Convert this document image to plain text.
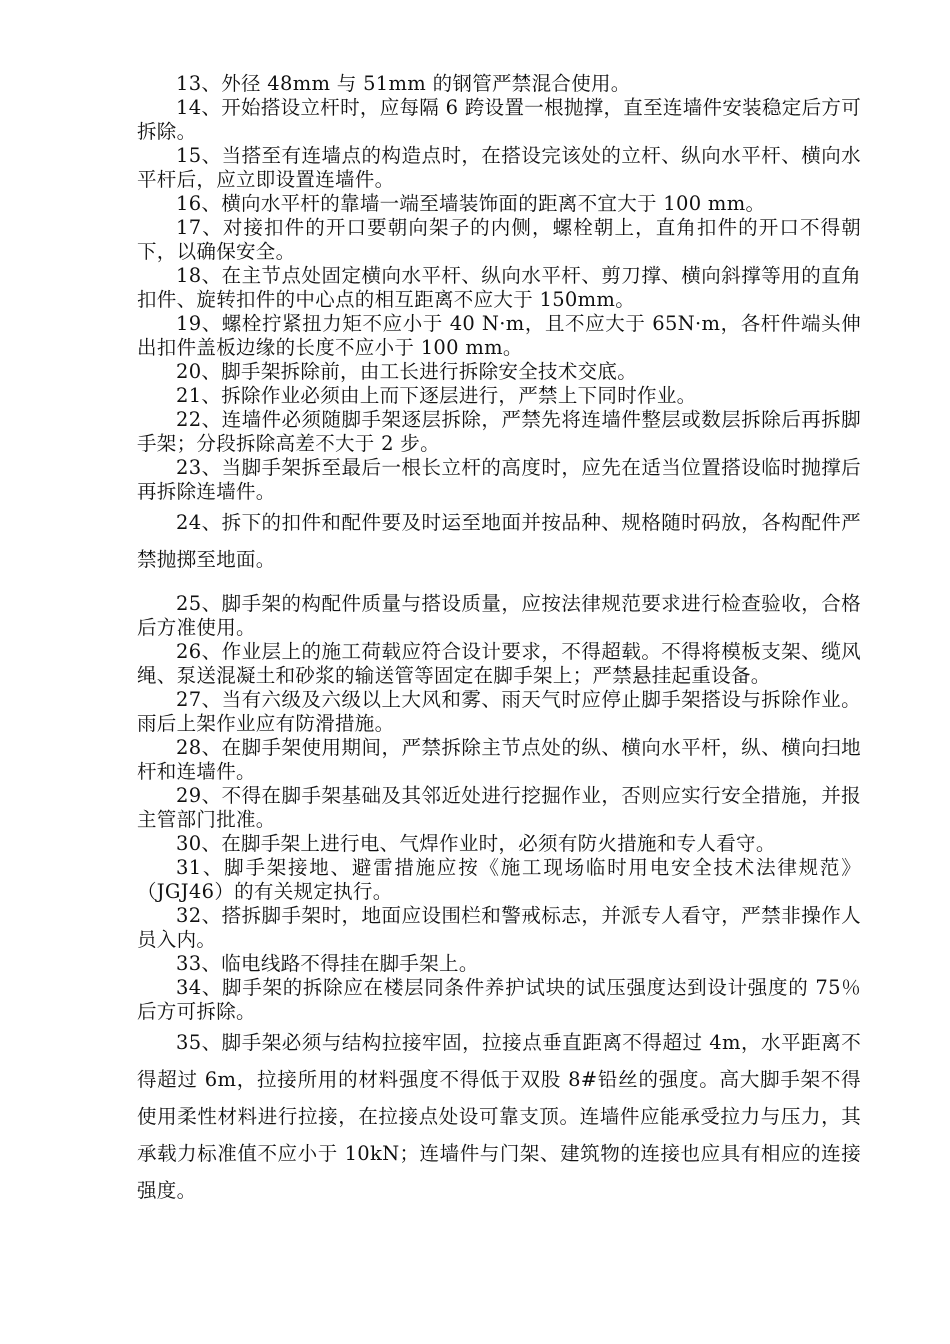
13、外径 48mm 与 51mm 的钢管严禁混合使用。

14、开始搭设立杆时，应每隔 6 跨设置一根抛撑，直至连墙件安装稳定后方可拆除。

15、当搭至有连墙点的构造点时，在搭设完该处的立杆、纵向水平杆、横向水平杆后，应立即设置连墙件。

16、横向水平杆的靠墙一端至墙装饰面的距离不宜大于 100 mm。

17、对接扣件的开口要朝向架子的内侧，螺栓朝上，直角扣件的开口不得朝下，以确保安全。

18、在主节点处固定横向水平杆、纵向水平杆、剪刀撑、横向斜撑等用的直角扣件、旋转扣件的中心点的相互距离不应大于 150mm。

19、螺栓拧紧扭力矩不应小于 40 N·m，且不应大于 65N·m，各杆件端头伸出扣件盖板边缘的长度不应小于 100 mm。

20、脚手架拆除前，由工长进行拆除安全技术交底。

21、拆除作业必须由上而下逐层进行，严禁上下同时作业。

22、连墙件必须随脚手架逐层拆除，严禁先将连墙件整层或数层拆除后再拆脚手架；分段拆除高差不大于 2 步。

23、当脚手架拆至最后一根长立杆的高度时，应先在适当位置搭设临时抛撑后再拆除连墙件。

24、拆下的扣件和配件要及时运至地面并按品种、规格随时码放，各构配件严禁抛掷至地面。

25、脚手架的构配件质量与搭设质量，应按法律规范要求进行检查验收，合格后方准使用。

26、作业层上的施工荷载应符合设计要求，不得超载。不得将模板支架、缆风绳、泵送混凝土和砂浆的输送管等固定在脚手架上；严禁悬挂起重设备。

27、当有六级及六级以上大风和雾、雨天气时应停止脚手架搭设与拆除作业。雨后上架作业应有防滑措施。

28、在脚手架使用期间，严禁拆除主节点处的纵、横向水平杆，纵、横向扫地杆和连墙件。

29、不得在脚手架基础及其邻近处进行挖掘作业，否则应实行安全措施，并报主管部门批准。

30、在脚手架上进行电、气焊作业时，必须有防火措施和专人看守。

31、脚手架接地、避雷措施应按《施工现场临时用电安全技术法律规范》（JGJ46）的有关规定执行。

32、搭拆脚手架时，地面应设围栏和警戒标志，并派专人看守，严禁非操作人员入内。

33、临电线路不得挂在脚手架上。

34、脚手架的拆除应在楼层同条件养护试块的试压强度达到设计强度的 75％后方可拆除。

35、脚手架必须与结构拉接牢固，拉接点垂直距离不得超过 4m，水平距离不得超过 6m，拉接所用的材料强度不得低于双股 8#铅丝的强度。高大脚手架不得使用柔性材料进行拉接，在拉接点处设可靠支顶。连墙件应能承受拉力与压力，其承载力标准值不应小于 10kN；连墙件与门架、建筑物的连接也应具有相应的连接强度。
